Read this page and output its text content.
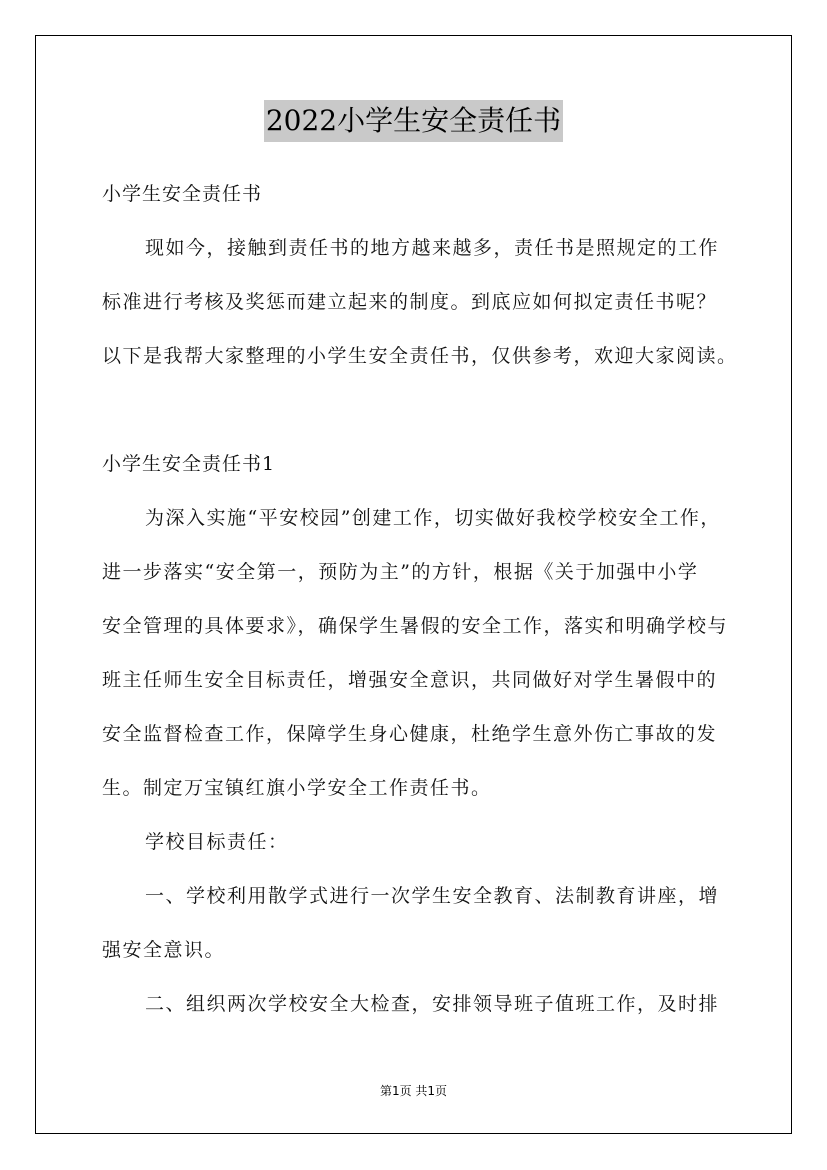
2022小学生安全责任书
小学生安全责任书
现如今，接触到责任书的地方越来越多，责任书是照规定的工作
标准进行考核及奖惩而建立起来的制度。到底应如何拟定责任书呢？
以下是我帮大家整理的小学生安全责任书，仅供参考，欢迎大家阅读。
小学生安全责任书1
为深入实施“平安校园”创建工作，切实做好我校学校安全工作，
进一步落实“安全第一，预防为主”的方针，根据《关于加强中小学
安全管理的具体要求》，确保学生暑假的安全工作，落实和明确学校与
班主任师生安全目标责任，增强安全意识，共同做好对学生暑假中的
安全监督检查工作，保障学生身心健康，杜绝学生意外伤亡事故的发
生。制定万宝镇红旗小学安全工作责任书。
学校目标责任：
一、学校利用散学式进行一次学生安全教育、法制教育讲座，增
强安全意识。
二、组织两次学校安全大检查，安排领导班子值班工作，及时排
第1页 共1页
